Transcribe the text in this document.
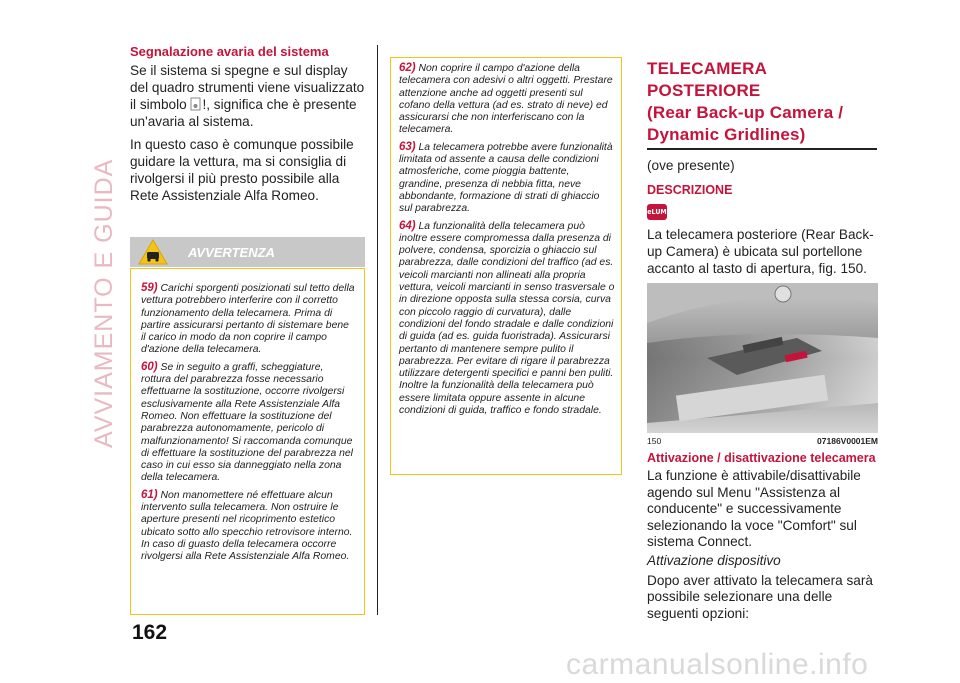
AVVIAMENTO E GUIDA
Segnalazione avaria del sistema

Se il sistema si spegne e sul display del quadro strumenti viene visualizzato il simbolo !, significa che è presente un'avaria al sistema.

In questo caso è comunque possibile guidare la vettura, ma si consiglia di rivolgersi il più presto possibile alla Rete Assistenziale Alfa Romeo.

AVVERTENZA
59) Carichi sporgenti posizionati sul tetto della vettura potrebbero interferire con il corretto funzionamento della telecamera. Prima di partire assicurarsi pertanto di sistemare bene il carico in modo da non coprire il campo d'azione della telecamera.
60) Se in seguito a graffi, scheggiature, rottura del parabrezza fosse necessario effettuarne la sostituzione, occorre rivolgersi esclusivamente alla Rete Assistenziale Alfa Romeo. Non effettuare la sostituzione del parabrezza autonomamente, pericolo di malfunzionamento! Si raccomanda comunque di effettuare la sostituzione del parabrezza nel caso in cui esso sia danneggiato nella zona della telecamera.
61) Non manomettere né effettuare alcun intervento sulla telecamera. Non ostruire le aperture presenti nel ricoprimento estetico ubicato sotto allo specchio retrovisore interno. In caso di guasto della telecamera occorre rivolgersi alla Rete Assistenziale Alfa Romeo.
62) Non coprire il campo d'azione della telecamera con adesivi o altri oggetti. Prestare attenzione anche ad oggetti presenti sul cofano della vettura (ad es. strato di neve) ed assicurarsi che non interferiscano con la telecamera.
63) La telecamera potrebbe avere funzionalità limitata od assente a causa delle condizioni atmosferiche, come pioggia battente, grandine, presenza di nebbia fitta, neve abbondante, formazione di strati di ghiaccio sul parabrezza.
64) La funzionalità della telecamera può inoltre essere compromessa dalla presenza di polvere, condensa, sporcizia o ghiaccio sul parabrezza, dalle condizioni del traffico (ad es. veicoli marcianti non allineati alla propria vettura, veicoli marcianti in senso trasversale o in direzione opposta sulla stessa corsia, curva con piccolo raggio di curvatura), dalle condizioni del fondo stradale e dalle condizioni di guida (ad es. guida fuoristrada). Assicurarsi pertanto di mantenere sempre pulito il parabrezza. Per evitare di rigare il parabrezza utilizzare detergenti specifici e panni ben puliti. Inoltre la funzionalità della telecamera può essere limitata oppure assente in alcune condizioni di guida, traffico e fondo stradale.
162
TELECAMERA POSTERIORE
(Rear Back-up Camera /
Dynamic Gridlines)
(ove presente)
DESCRIZIONE
eLUM
La telecamera posteriore (Rear Back-up Camera) è ubicata sul portellone accanto al tasto di apertura, fig. 150.
150	07186V0001EM
Attivazione / disattivazione telecamera
La funzione è attivabile/disattivabile agendo sul Menu "Assistenza al conducente" e successivamente selezionando la voce "Comfort" sul sistema Connect.
Attivazione dispositivo
Dopo aver attivato la telecamera sarà possibile selezionare una delle seguenti opzioni:
carmanualsonline.info
